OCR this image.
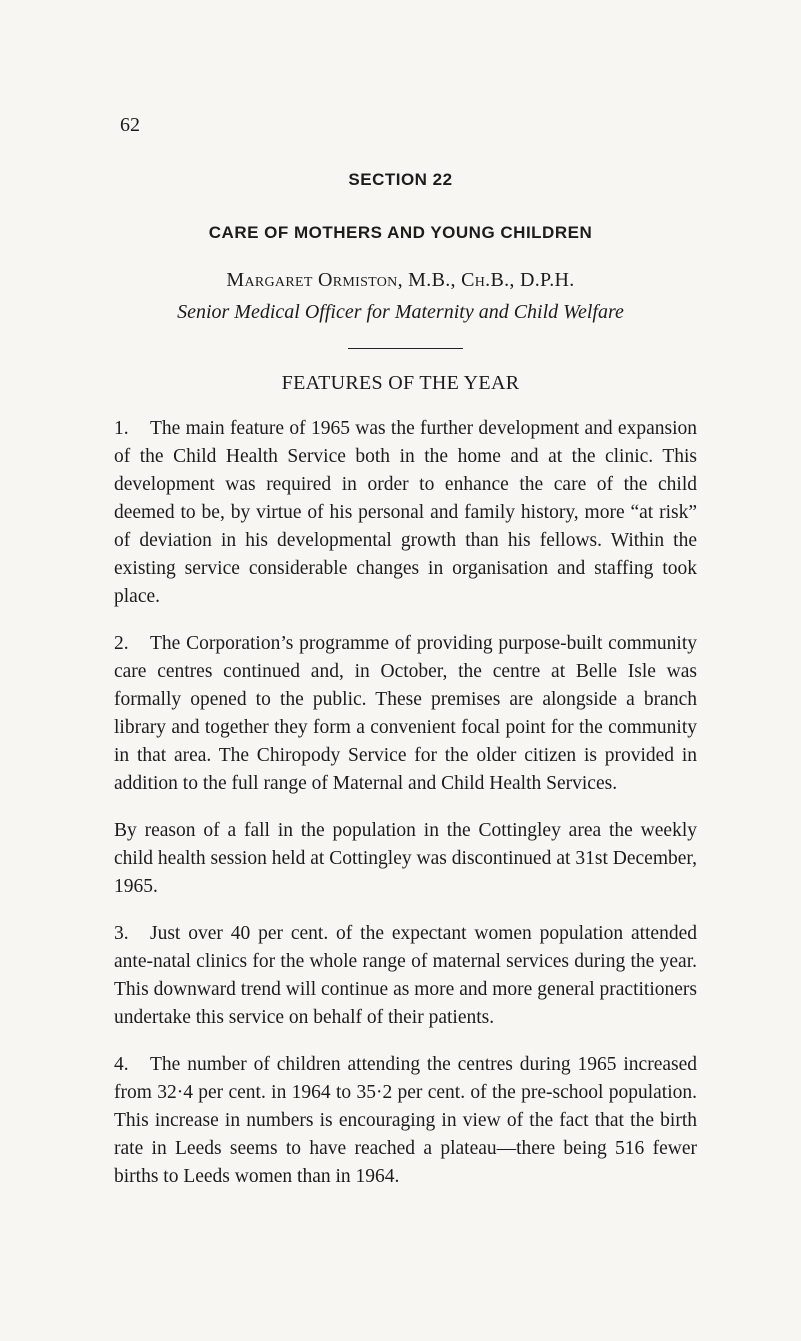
62
SECTION 22
CARE OF MOTHERS AND YOUNG CHILDREN
Margaret Ormiston, M.B., Ch.B., D.P.H.
Senior Medical Officer for Maternity and Child Welfare
FEATURES OF THE YEAR

1. The main feature of 1965 was the further development and expansion of the Child Health Service both in the home and at the clinic. This development was required in order to enhance the care of the child deemed to be, by virtue of his personal and family history, more “at risk” of deviation in his developmental growth than his fellows. Within the existing service considerable changes in organisation and staffing took place.

2. The Corporation’s programme of providing purpose-built community care centres continued and, in October, the centre at Belle Isle was formally opened to the public. These premises are alongside a branch library and together they form a convenient focal point for the community in that area. The Chiropody Service for the older citizen is provided in addition to the full range of Maternal and Child Health Services.

By reason of a fall in the population in the Cottingley area the weekly child health session held at Cottingley was discontinued at 31st December, 1965.

3. Just over 40 per cent. of the expectant women population attended ante-natal clinics for the whole range of maternal services during the year. This downward trend will continue as more and more general practitioners undertake this service on behalf of their patients.

4. The number of children attending the centres during 1965 increased from 32·4 per cent. in 1964 to 35·2 per cent. of the pre-school population. This increase in numbers is encouraging in view of the fact that the birth rate in Leeds seems to have reached a plateau—there being 516 fewer births to Leeds women than in 1964.
